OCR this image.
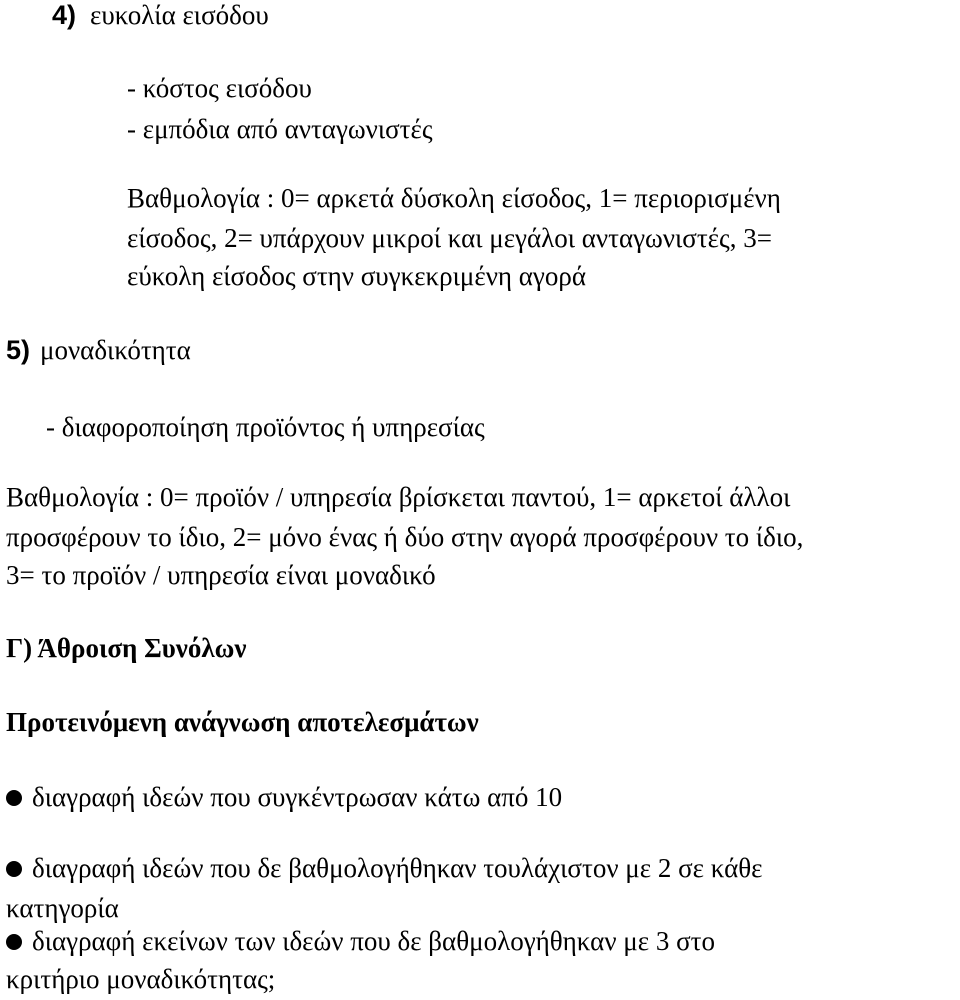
4) ευκολία εισόδου
- κόστος εισόδου
- εμπόδια από ανταγωνιστές
Βαθμολογία : 0= αρκετά δύσκολη είσοδος, 1= περιορισμένη
είσοδος, 2= υπάρχουν μικροί και μεγάλοι ανταγωνιστές, 3=
εύκολη είσοδος στην συγκεκριμένη αγορά
5) μοναδικότητα
- διαφοροποίηση προϊόντος ή υπηρεσίας
Βαθμολογία : 0= προϊόν / υπηρεσία βρίσκεται παντού, 1= αρκετοί άλλοι
προσφέρουν το ίδιο, 2= μόνο ένας ή δύο στην αγορά προσφέρουν το ίδιο,
3= το προϊόν / υπηρεσία είναι μοναδικό
Γ) Άθροιση Συνόλων
Προτεινόμενη ανάγνωση αποτελεσμάτων
διαγραφή ιδεών που συγκέντρωσαν κάτω από 10
διαγραφή ιδεών που δε βαθμολογήθηκαν τουλάχιστον με 2 σε κάθε
κατηγορία
διαγραφή εκείνων των ιδεών που δε βαθμολογήθηκαν με 3 στο
κριτήριο μοναδικότητας;
